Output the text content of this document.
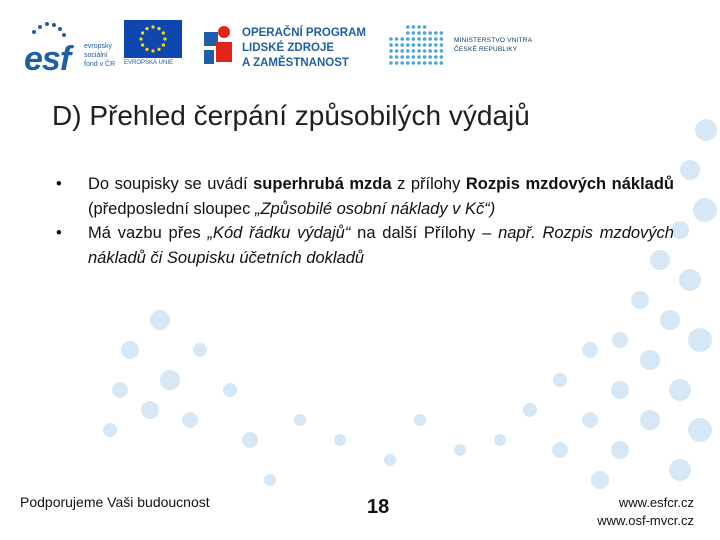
esf evropský
sociální
fond v ČR	EVROPSKÁ UNIE
OPERAČNÍ PROGRAM
LIDSKÉ ZDROJE
A ZAMĚSTNANOST
MINISTERSTVO VNITRA
ČESKÉ REPUBLIKY
D) Přehled čerpání způsobilých výdajů
• Do soupisky se uvádí superhrubá mzda z přílohy Rozpis mzdových nákladů (předposlední sloupec „Způsobilé osobní náklady v Kč“)
• Má vazbu přes „Kód řádku výdajů“ na další Přílohy – např. Rozpis mzdových nákladů či Soupisku účetních dokladů
Podporujeme Vaši budoucnost	18	www.esfcr.cz
www.osf-mvcr.cz
